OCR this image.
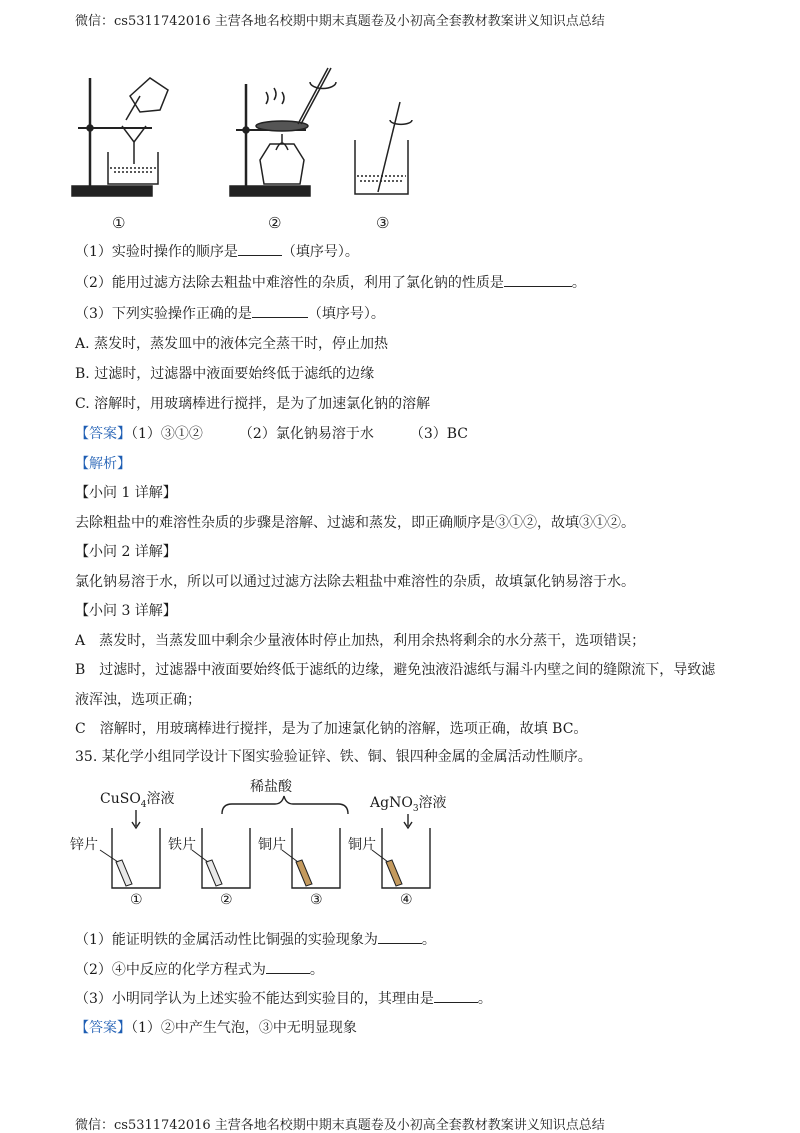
微信：cs5311742016 主营各地名校期中期末真题卷及小初高全套教材教案讲义知识点总结
①	②	③
（1）实验时操作的顺序是	（填序号）。
（2）能用过滤方法除去粗盐中难溶性的杂质，利用了氯化钠的性质是	。
（3）下列实验操作正确的是	（填序号）。
A. 蒸发时，蒸发皿中的液体完全蒸干时，停止加热
B. 过滤时，过滤器中液面要始终低于滤纸的边缘
C. 溶解时，用玻璃棒进行搅拌，是为了加速氯化钠的溶解
【答案】（1）③①②	（2）氯化钠易溶于水	（3）BC
【解析】
【小问 1 详解】
去除粗盐中的难溶性杂质的步骤是溶解、过滤和蒸发，即正确顺序是③①②，故填③①②。
【小问 2 详解】
氯化钠易溶于水，所以可以通过过滤方法除去粗盐中难溶性的杂质，故填氯化钠易溶于水。
【小问 3 详解】
A　蒸发时，当蒸发皿中剩余少量液体时停止加热，利用余热将剩余的水分蒸干，选项错误；
B　过滤时，过滤器中液面要始终低于滤纸的边缘，避免浊液沿滤纸与漏斗内壁之间的缝隙流下，导致滤
液浑浊，选项正确；
C　溶解时，用玻璃棒进行搅拌，是为了加速氯化钠的溶解，选项正确，故填 BC。
35. 某化学小组同学设计下图实验验证锌、铁、铜、银四种金属的金属活动性顺序。
CuSO$_4$溶液
稀盐酸
AgNO$_3$溶液
锌片	铁片	铜片	铜片
①	②	③	④
（1）能证明铁的金属活动性比铜强的实验现象为	。
（2）④中反应的化学方程式为	。
（3）小明同学认为上述实验不能达到实验目的，其理由是	。
【答案】（1）②中产生气泡，③中无明显现象
微信：cs5311742016 主营各地名校期中期末真题卷及小初高全套教材教案讲义知识点总结
